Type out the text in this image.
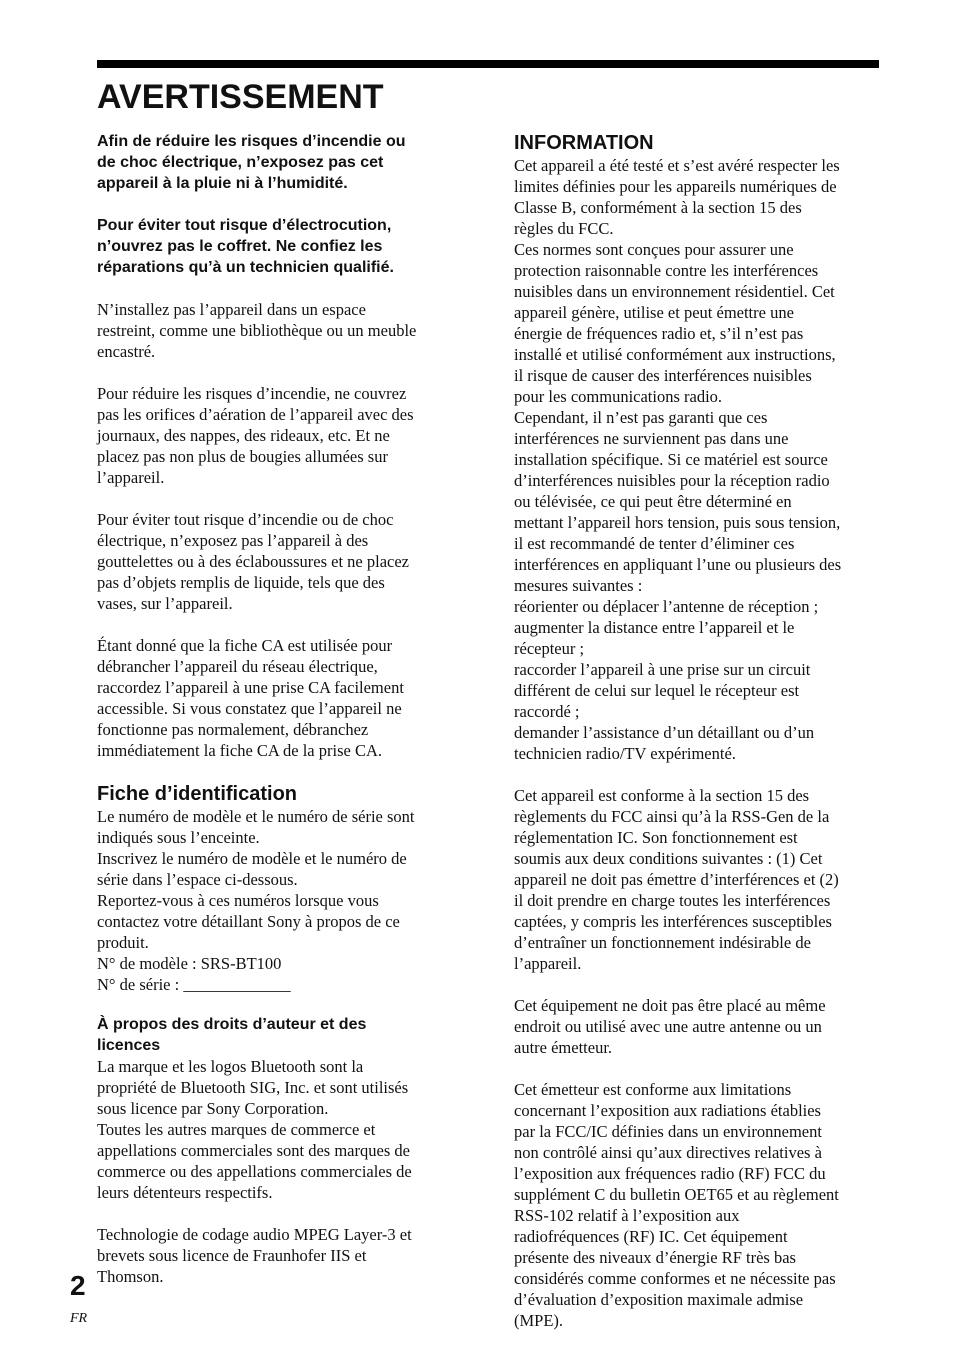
AVERTISSEMENT

Afin de réduire les risques d’incendie ou
de choc électrique, n’exposez pas cet
appareil à la pluie ni à l’humidité.

Pour éviter tout risque d’électrocution,
n’ouvrez pas le coffret. Ne confiez les
réparations qu’à un technicien qualifié.

N’installez pas l’appareil dans un espace
restreint, comme une bibliothèque ou un meuble
encastré.

Pour réduire les risques d’incendie, ne couvrez
pas les orifices d’aération de l’appareil avec des
journaux, des nappes, des rideaux, etc. Et ne
placez pas non plus de bougies allumées sur
l’appareil.

Pour éviter tout risque d’incendie ou de choc
électrique, n’exposez pas l’appareil à des
gouttelettes ou à des éclaboussures et ne placez
pas d’objets remplis de liquide, tels que des
vases, sur l’appareil.

Étant donné que la fiche CA est utilisée pour
débrancher l’appareil du réseau électrique,
raccordez l’appareil à une prise CA facilement
accessible. Si vous constatez que l’appareil ne
fonctionne pas normalement, débranchez
immédiatement la fiche CA de la prise CA.

Fiche d’identification

Le numéro de modèle et le numéro de série sont
indiqués sous l’enceinte.
Inscrivez le numéro de modèle et le numéro de
série dans l’espace ci-dessous.
Reportez-vous à ces numéros lorsque vous
contactez votre détaillant Sony à propos de ce
produit.
N° de modèle : SRS-BT100
N° de série : _____________

À propos des droits d’auteur et des
licences

La marque et les logos Bluetooth sont la
propriété de Bluetooth SIG, Inc. et sont utilisés
sous licence par Sony Corporation.
Toutes les autres marques de commerce et
appellations commerciales sont des marques de
commerce ou des appellations commerciales de
leurs détenteurs respectifs.

Technologie de codage audio MPEG Layer-3 et
brevets sous licence de Fraunhofer IIS et
Thomson.

INFORMATION

Cet appareil a été testé et s’est avéré respecter les
limites définies pour les appareils numériques de
Classe B, conformément à la section 15 des
règles du FCC.
Ces normes sont conçues pour assurer une
protection raisonnable contre les interférences
nuisibles dans un environnement résidentiel. Cet
appareil génère, utilise et peut émettre une
énergie de fréquences radio et, s’il n’est pas
installé et utilisé conformément aux instructions,
il risque de causer des interférences nuisibles
pour les communications radio.
Cependant, il n’est pas garanti que ces
interférences ne surviennent pas dans une
installation spécifique. Si ce matériel est source
d’interférences nuisibles pour la réception radio
ou télévisée, ce qui peut être déterminé en
mettant l’appareil hors tension, puis sous tension,
il est recommandé de tenter d’éliminer ces
interférences en appliquant l’une ou plusieurs des
mesures suivantes :
réorienter ou déplacer l’antenne de réception ;
augmenter la distance entre l’appareil et le
récepteur ;
raccorder l’appareil à une prise sur un circuit
différent de celui sur lequel le récepteur est
raccordé ;
demander l’assistance d’un détaillant ou d’un
technicien radio/TV expérimenté.

Cet appareil est conforme à la section 15 des
règlements du FCC ainsi qu’à la RSS-Gen de la
réglementation IC. Son fonctionnement est
soumis aux deux conditions suivantes : (1) Cet
appareil ne doit pas émettre d’interférences et (2)
il doit prendre en charge toutes les interférences
captées, y compris les interférences susceptibles
d’entraîner un fonctionnement indésirable de
l’appareil.

Cet équipement ne doit pas être placé au même
endroit ou utilisé avec une autre antenne ou un
autre émetteur.

Cet émetteur est conforme aux limitations
concernant l’exposition aux radiations établies
par la FCC/IC définies dans un environnement
non contrôlé ainsi qu’aux directives relatives à
l’exposition aux fréquences radio (RF) FCC du
supplément C du bulletin OET65 et au règlement
RSS-102 relatif à l’exposition aux
radiofréquences (RF) IC. Cet équipement
présente des niveaux d’énergie RF très bas
considérés comme conformes et ne nécessite pas
d’évaluation d’exposition maximale admise
(MPE).

2
FR
